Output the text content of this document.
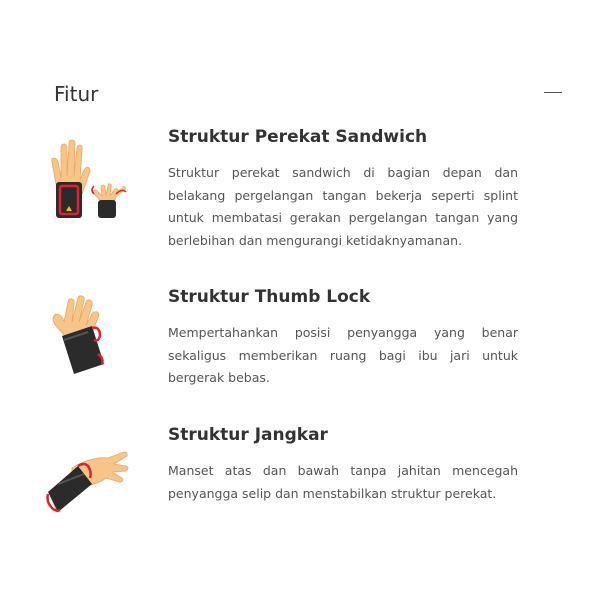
Fitur
Struktur Perekat Sandwich

Struktur perekat sandwich di bagian depan dan belakang pergelangan tangan bekerja seperti splint untuk membatasi gerakan pergelangan tangan yang berlebihan dan mengurangi ketidaknyamanan.

Struktur Thumb Lock

Mempertahankan posisi penyangga yang benar sekaligus memberikan ruang bagi ibu jari untuk bergerak bebas.

Struktur Jangkar

Manset atas dan bawah tanpa jahitan mencegah penyangga selip dan menstabilkan struktur perekat.
